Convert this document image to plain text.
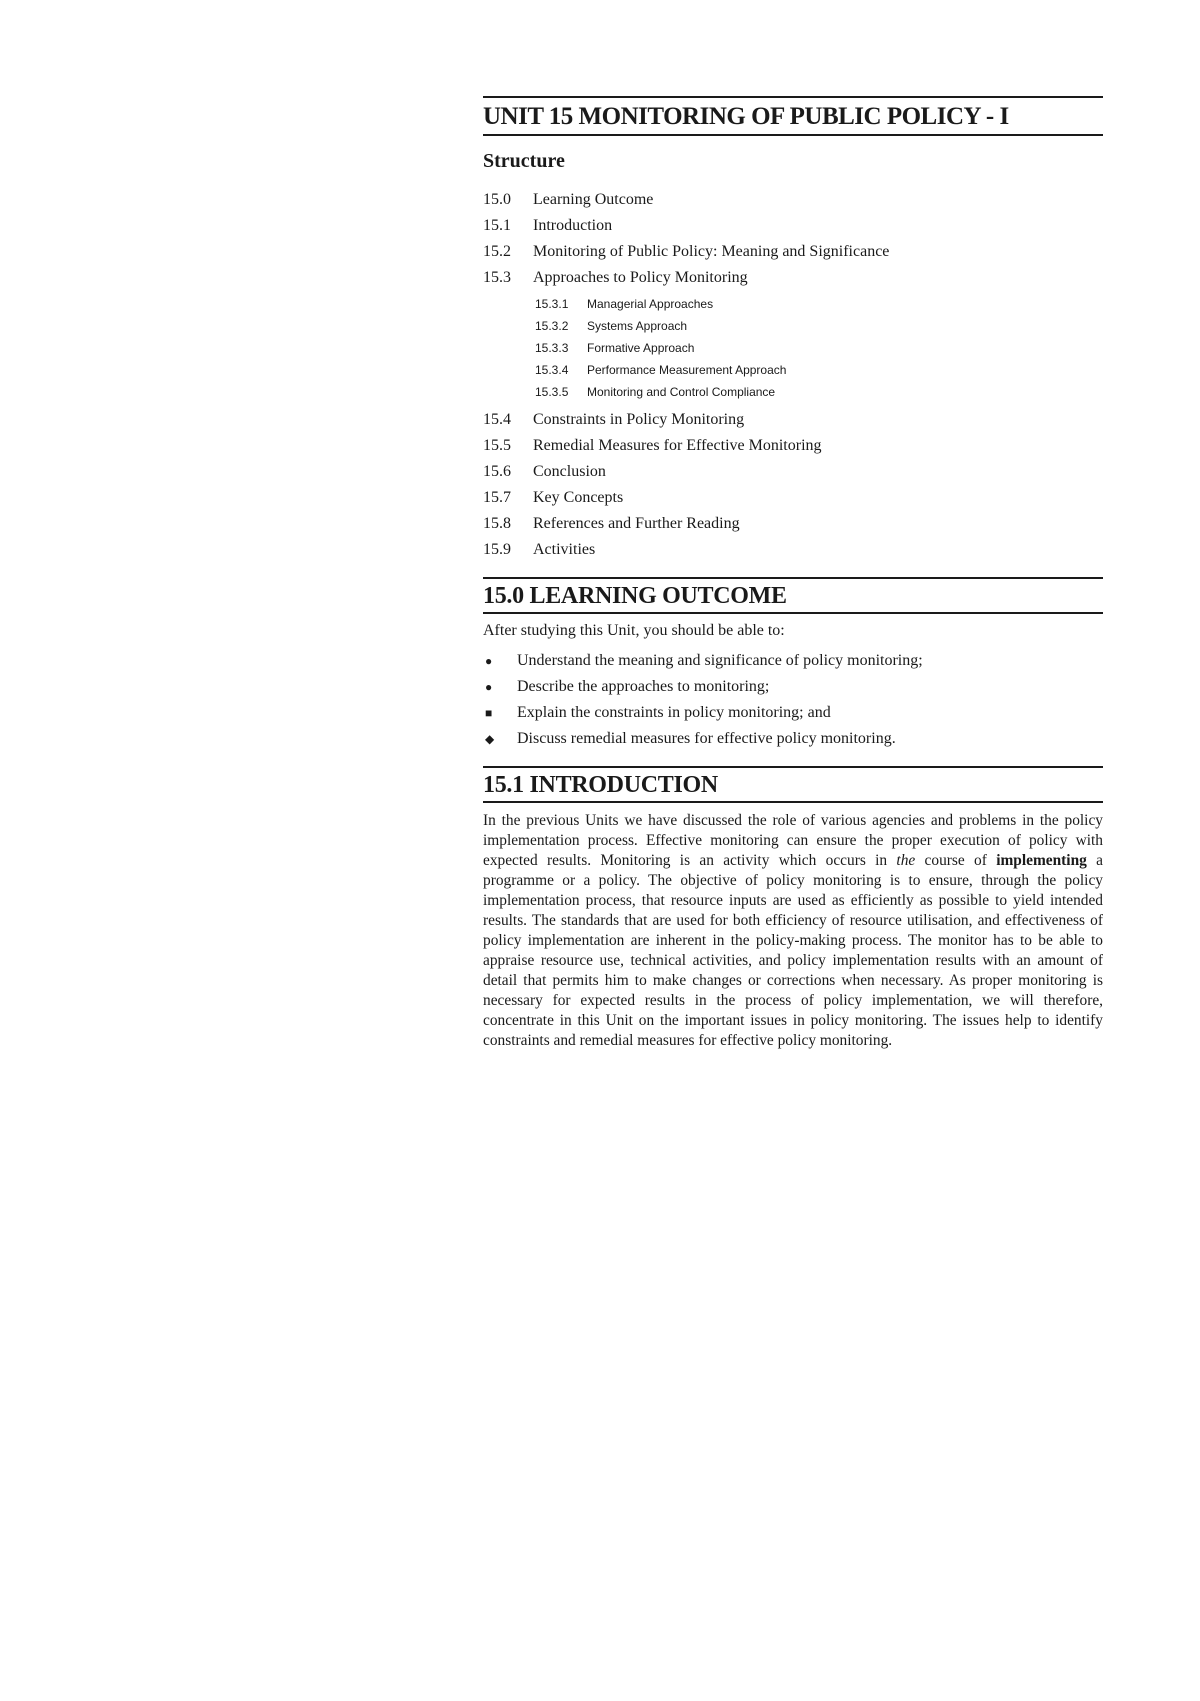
UNIT 15 MONITORING OF PUBLIC POLICY - I
Structure
15.0	Learning Outcome
15.1	Introduction
15.2	Monitoring of Public Policy: Meaning and Significance
15.3	Approaches to Policy Monitoring
15.3.1	Managerial Approaches
15.3.2	Systems Approach
15.3.3	Formative Approach
15.3.4	Performance Measurement Approach
15.3.5	Monitoring and Control Compliance
15.4	Constraints in Policy Monitoring
15.5	Remedial Measures for Effective Monitoring
15.6	Conclusion
15.7	Key Concepts
15.8	References and Further Reading
15.9	Activities
15.0 LEARNING OUTCOME

After studying this Unit, you should be able to:

●	Understand the meaning and significance of policy monitoring;
●	Describe the approaches to monitoring;
■	Explain the constraints in policy monitoring; and
◆	Discuss remedial measures for effective policy monitoring.
15.1 INTRODUCTION

In the previous Units we have discussed the role of various agencies and problems in the policy implementation process. Effective monitoring can ensure the proper execution of policy with expected results. Monitoring is an activity which occurs in the course of implementing a programme or a policy. The objective of policy monitoring is to ensure, through the policy implementation process, that resource inputs are used as efficiently as possible to yield intended results. The standards that are used for both efficiency of resource utilisation, and effectiveness of policy implementation are inherent in the policy-making process. The monitor has to be able to appraise resource use, technical activities, and policy implementation results with an amount of detail that permits him to make changes or corrections when necessary. As proper monitoring is necessary for expected results in the process of policy implementation, we will therefore, concentrate in this Unit on the important issues in policy monitoring. The issues help to identify constraints and remedial measures for effective policy monitoring.
